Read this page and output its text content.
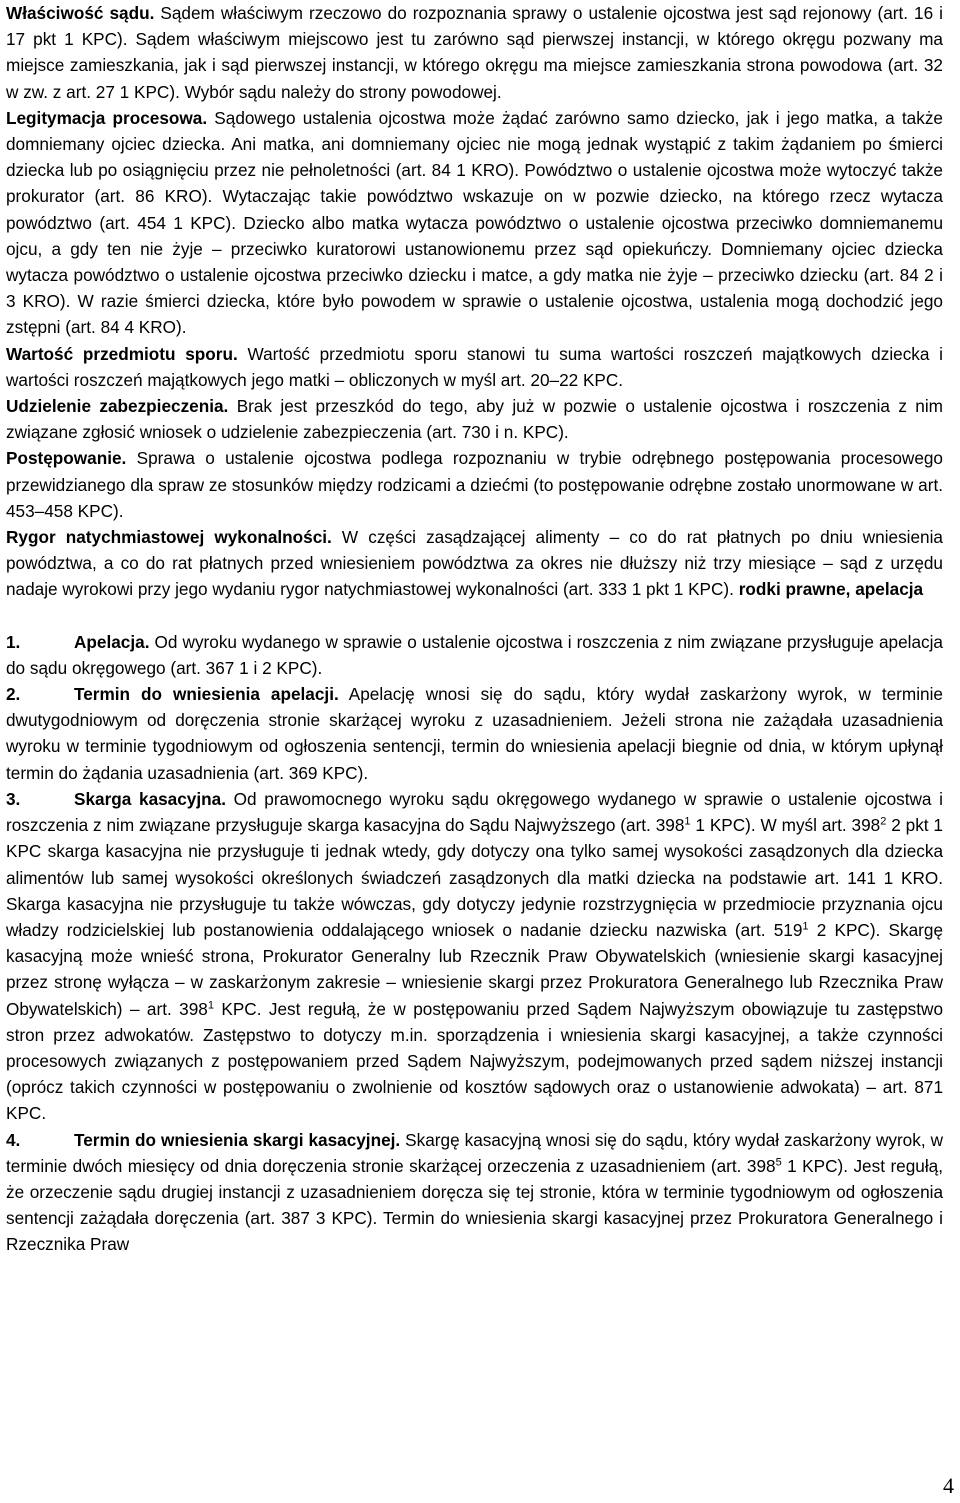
Właściwość sądu. Sądem właściwym rzeczowo do rozpoznania sprawy o ustalenie ojcostwa jest sąd rejonowy (art. 16 i 17 pkt 1 KPC). Sądem właściwym miejscowo jest tu zarówno sąd pierwszej instancji, w którego okręgu pozwany ma miejsce zamieszkania, jak i sąd pierwszej instancji, w którego okręgu ma miejsce zamieszkania strona powodowa (art. 32 w zw. z art. 27 1 KPC). Wybór sądu należy do strony powodowej.

Legitymacja procesowa. Sądowego ustalenia ojcostwa może żądać zarówno samo dziecko, jak i jego matka, a także domniemany ojciec dziecka. Ani matka, ani domniemany ojciec nie mogą jednak wystąpić z takim żądaniem po śmierci dziecka lub po osiągnięciu przez nie pełnoletności (art. 84 1 KRO). Powództwo o ustalenie ojcostwa może wytoczyć także prokurator (art. 86 KRO). Wytaczając takie powództwo wskazuje on w pozwie dziecko, na którego rzecz wytacza powództwo (art. 454 1 KPC). Dziecko albo matka wytacza powództwo o ustalenie ojcostwa przeciwko domniemanemu ojcu, a gdy ten nie żyje – przeciwko kuratorowi ustanowionemu przez sąd opiekuńczy. Domniemany ojciec dziecka wytacza powództwo o ustalenie ojcostwa przeciwko dziecku i matce, a gdy matka nie żyje – przeciwko dziecku (art. 84 2 i 3 KRO). W razie śmierci dziecka, które było powodem w sprawie o ustalenie ojcostwa, ustalenia mogą dochodzić jego zstępni (art. 84 4 KRO).

Wartość przedmiotu sporu. Wartość przedmiotu sporu stanowi tu suma wartości roszczeń majątkowych dziecka i wartości roszczeń majątkowych jego matki – obliczonych w myśl art. 20–22 KPC.

Udzielenie zabezpieczenia. Brak jest przeszkód do tego, aby już w pozwie o ustalenie ojcostwa i roszczenia z nim związane zgłosić wniosek o udzielenie zabezpieczenia (art. 730 i n. KPC).

Postępowanie. Sprawa o ustalenie ojcostwa podlega rozpoznaniu w trybie odrębnego postępowania procesowego przewidzianego dla spraw ze stosunków między rodzicami a dziećmi (to postępowanie odrębne zostało unormowane w art. 453–458 KPC).

Rygor natychmiastowej wykonalności. W części zasądzającej alimenty – co do rat płatnych po dniu wniesienia powództwa, a co do rat płatnych przed wniesieniem powództwa za okres nie dłuższy niż trzy miesiące – sąd z urzędu nadaje wyrokowi przy jego wydaniu rygor natychmiastowej wykonalności (art. 333 1 pkt 1 KPC). rodki prawne, apelacja

1.	Apelacja. Od wyroku wydanego w sprawie o ustalenie ojcostwa i roszczenia z nim związane przysługuje apelacja do sądu okręgowego (art. 367 1 i 2 KPC).

2.	Termin do wniesienia apelacji. Apelację wnosi się do sądu, który wydał zaskarżony wyrok, w terminie dwutygodniowym od doręczenia stronie skarżącej wyroku z uzasadnieniem. Jeżeli strona nie zażądała uzasadnienia wyroku w terminie tygodniowym od ogłoszenia sentencji, termin do wniesienia apelacji biegnie od dnia, w którym upłynął termin do żądania uzasadnienia (art. 369 KPC).

3.	Skarga kasacyjna. Od prawomocnego wyroku sądu okręgowego wydanego w sprawie o ustalenie ojcostwa i roszczenia z nim związane przysługuje skarga kasacyjna do Sądu Najwyższego (art. $398^1$ 1 KPC). W myśl art. $398^2$ 2 pkt 1 KPC skarga kasacyjna nie przysługuje ti jednak wtedy, gdy dotyczy ona tylko samej wysokości zasądzonych dla dziecka alimentów lub samej wysokości określonych świadczeń zasądzonych dla matki dziecka na podstawie art. 141 1 KRO. Skarga kasacyjna nie przysługuje tu także wówczas, gdy dotyczy jedynie rozstrzygnięcia w przedmiocie przyznania ojcu władzy rodzicielskiej lub postanowienia oddalającego wniosek o nadanie dziecku nazwiska (art. $519^1$ 2 KPC). Skargę kasacyjną może wnieść strona, Prokurator Generalny lub Rzecznik Praw Obywatelskich (wniesienie skargi kasacyjnej przez stronę wyłącza – w zaskarżonym zakresie – wniesienie skargi przez Prokuratora Generalnego lub Rzecznika Praw Obywatelskich) – art. $398^1$ KPC. Jest regułą, że w postępowaniu przed Sądem Najwyższym obowiązuje tu zastępstwo stron przez adwokatów. Zastępstwo to dotyczy m.in. sporządzenia i wniesienia skargi kasacyjnej, a także czynności procesowych związanych z postępowaniem przed Sądem Najwyższym, podejmowanych przed sądem niższej instancji (oprócz takich czynności w postępowaniu o zwolnienie od kosztów sądowych oraz o ustanowienie adwokata) – art. 871 KPC.

4.	Termin do wniesienia skargi kasacyjnej. Skargę kasacyjną wnosi się do sądu, który wydał zaskarżony wyrok, w terminie dwóch miesięcy od dnia doręczenia stronie skarżącej orzeczenia z uzasadnieniem (art. $398^5$ 1 KPC). Jest regułą, że orzeczenie sądu drugiej instancji z uzasadnieniem doręcza się tej stronie, która w terminie tygodniowym od ogłoszenia sentencji zażądała doręczenia (art. 387 3 KPC). Termin do wniesienia skargi kasacyjnej przez Prokuratora Generalnego i Rzecznika Praw

4
